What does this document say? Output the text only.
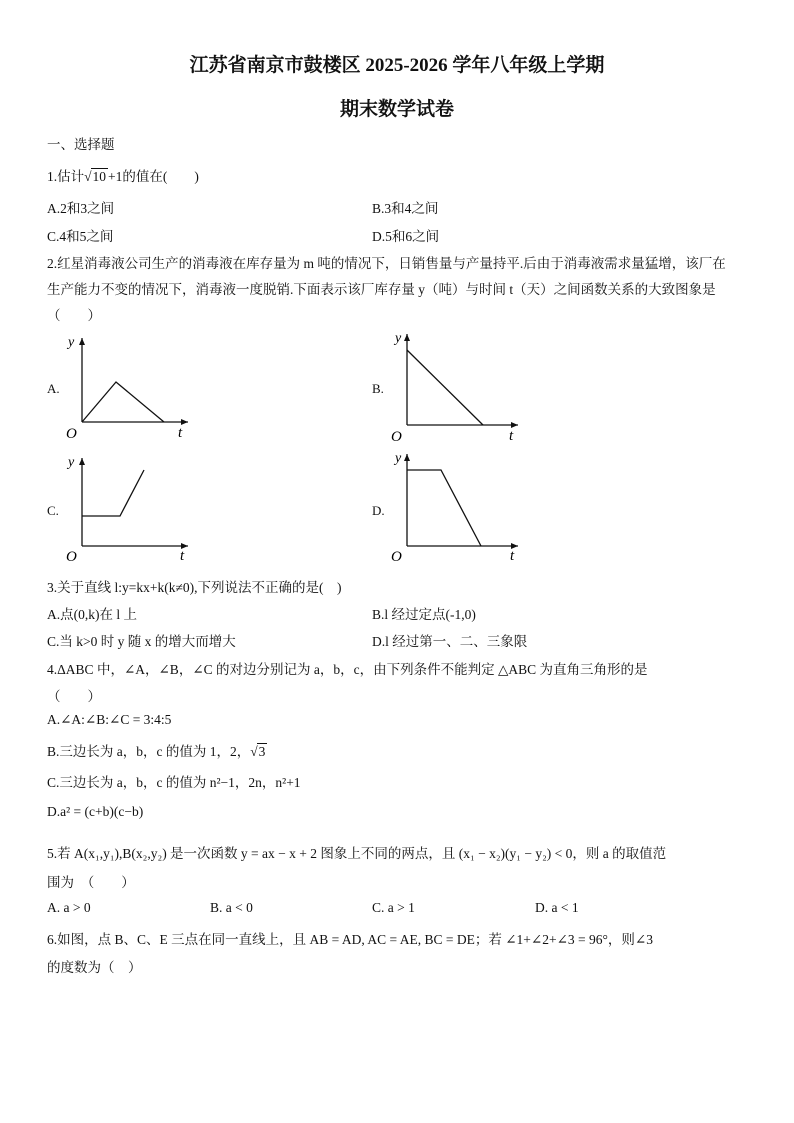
江苏省南京市鼓楼区 2025-2026 学年八年级上学期
期末数学试卷
一、选择题
1.估计√10 +1的值在(　　)
A.2和3之间	B.3和4之间
C.4和5之间	D.5和6之间
2.红星消毒液公司生产的消毒液在库存量为 m 吨的情况下，日销售量与产量持平.后由于消毒液需求量猛增，该厂在
生产能力不变的情况下，消毒液一度脱销.下面表示该厂库存量 y（吨）与时间 t（天）之间函数关系的大致图象是
（　　）
A.
y
O	t
B.
y
O	t
C.
y
O	t
D.
y
O	t
3.关于直线 l:y=kx+k(k≠0),下列说法不正确的是(　)
A.点(0,k)在 l 上	B.l 经过定点(-1,0)
C.当 k>0 时 y 随 x 的增大而增大	D.l 经过第一、二、三象限
4.ΔABC 中，∠A，∠B，∠C 的对边分别记为 a，b，c，由下列条件不能判定 △ABC 为直角三角形的是
（　　）
A.∠A:∠B:∠C = 3:4:5
B.三边长为 a，b，c 的值为 1，2，√3
C.三边长为 a，b，c 的值为 n²−1，2n，n²+1
D.a² = (c+b)(c−b)
5.若 A(x₁,y₁),B(x₂,y₂) 是一次函数 y = ax − x + 2 图象上不同的两点，且 (x₁ − x₂)(y₁ − y₂) < 0，则 a 的取值范
围为　（　　）
A. a > 0	B. a < 0	C. a > 1	D. a < 1
6.如图，点 B、C、E 三点在同一直线上，且 AB = AD, AC = AE, BC = DE；若 ∠1+∠2+∠3 = 96°，则∠3
的度数为（　）
